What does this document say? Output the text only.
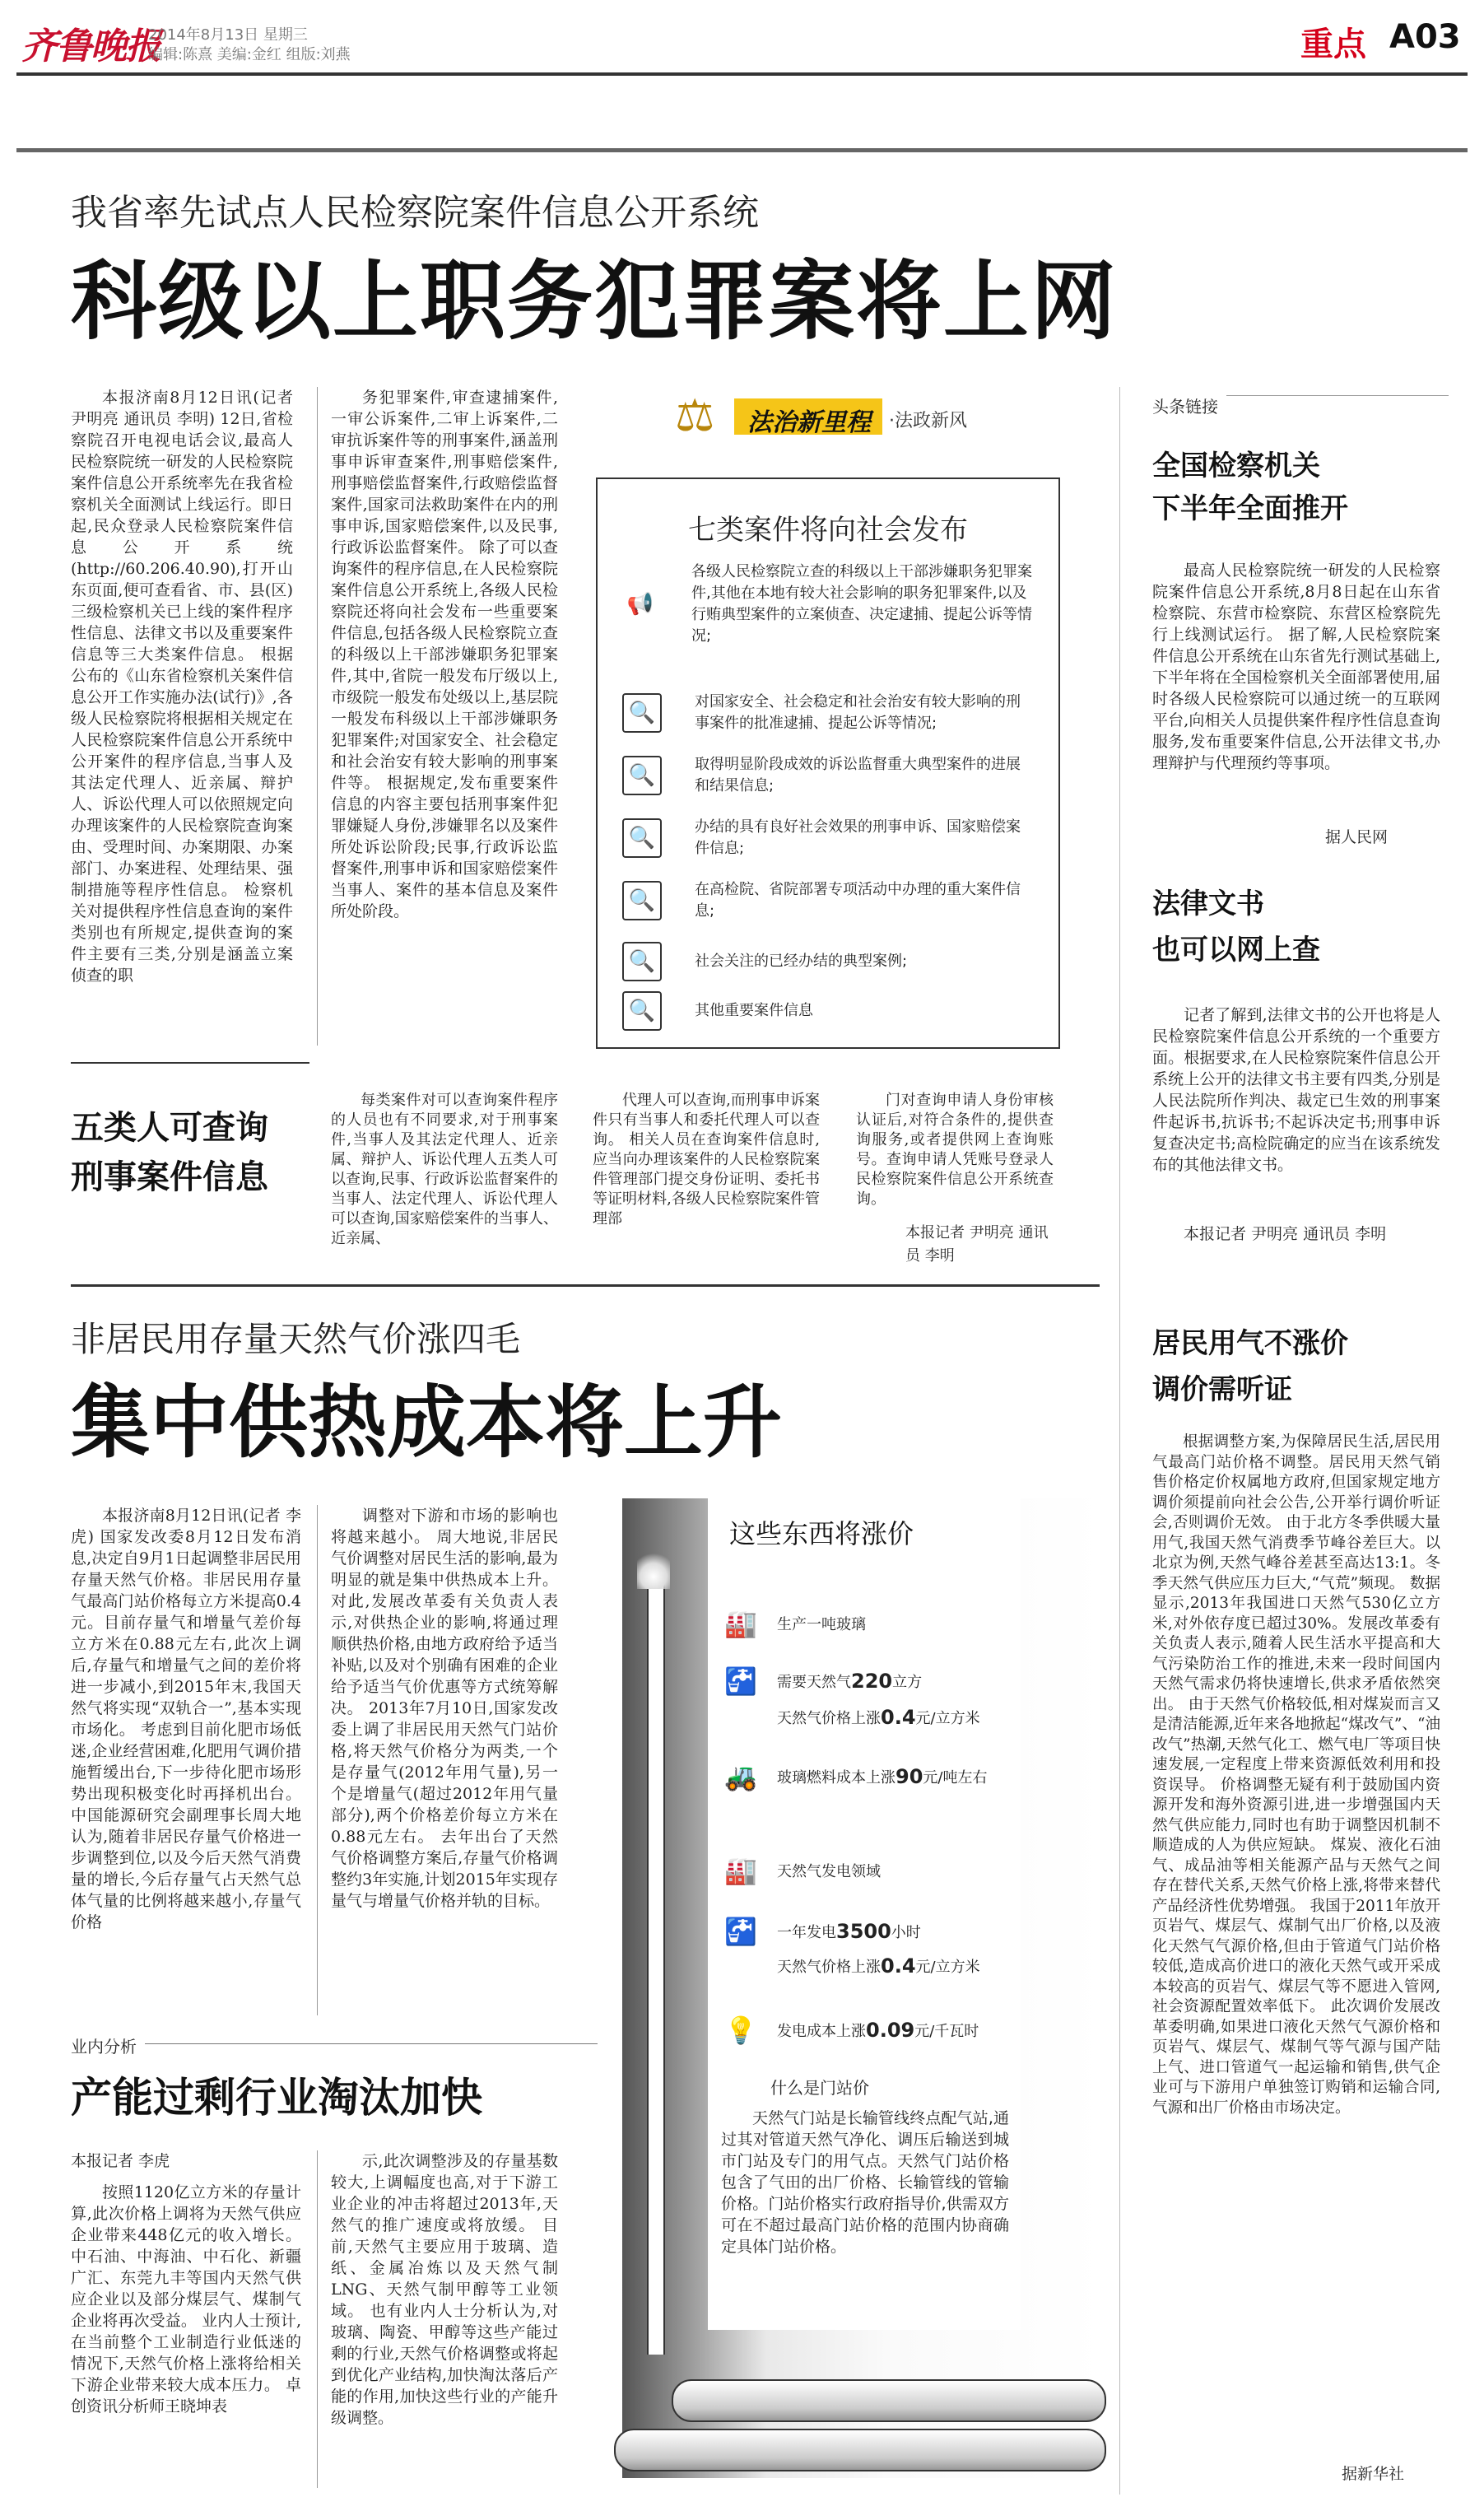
齐鲁晚报
2014年8月13日 星期三
编辑:陈熹 美编:金红 组版:刘燕	重点 A03
我省率先试点人民检察院案件信息公开系统
科级以上职务犯罪案将上网
本报济南8月12日讯(记者 尹明亮 通讯员 李明) 12日,省检察院召开电视电话会议,最高人民检察院统一研发的人民检察院案件信息公开系统率先在我省检察机关全面测试上线运行。即日起,民众登录人民检察院案件信息公开系统(http://60.206.40.90),打开山东页面,便可查看省、市、县(区)三级检察机关已上线的案件程序性信息、法律文书以及重要案件信息等三大类案件信息。 根据公布的《山东省检察机关案件信息公开工作实施办法(试行)》,各级人民检察院将根据相关规定在人民检察院案件信息公开系统中公开案件的程序信息,当事人及其法定代理人、近亲属、辩护人、诉讼代理人可以依照规定向办理该案件的人民检察院查询案由、受理时间、办案期限、办案部门、办案进程、处理结果、强制措施等程序性信息。 检察机关对提供程序性信息查询的案件类别也有所规定,提供查询的案件主要有三类,分别是涵盖立案侦查的职
务犯罪案件,审查逮捕案件,一审公诉案件,二审上诉案件,二审抗诉案件等的刑事案件,涵盖刑事申诉审查案件,刑事赔偿案件,刑事赔偿监督案件,行政赔偿监督案件,国家司法救助案件在内的刑事申诉,国家赔偿案件,以及民事,行政诉讼监督案件。 除了可以查询案件的程序信息,在人民检察院案件信息公开系统上,各级人民检察院还将向社会发布一些重要案件信息,包括各级人民检察院立查的科级以上干部涉嫌职务犯罪案件,其中,省院一般发布厅级以上,市级院一般发布处级以上,基层院一般发布科级以上干部涉嫌职务犯罪案件;对国家安全、社会稳定和社会治安有较大影响的刑事案件等。 根据规定,发布重要案件信息的内容主要包括刑事案件犯罪嫌疑人身份,涉嫌罪名以及案件所处诉讼阶段;民事,行政诉讼监督案件,刑事申诉和国家赔偿案件当事人、案件的基本信息及案件所处阶段。
⚖	法治新里程 ·法政新风
七类案件将向社会发布
📢
各级人民检察院立查的科级以上干部涉嫌职务犯罪案件,其他在本地有较大社会影响的职务犯罪案件,以及行贿典型案件的立案侦查、决定逮捕、提起公诉等情况;
🔍	对国家安全、社会稳定和社会治安有较大影响的刑事案件的批准逮捕、提起公诉等情况;
🔍	取得明显阶段成效的诉讼监督重大典型案件的进展和结果信息;
🔍	办结的具有良好社会效果的刑事申诉、国家赔偿案件信息;
🔍	在高检院、省院部署专项活动中办理的重大案件信息;
🔍	社会关注的已经办结的典型案例;
🔍	其他重要案件信息
五类人可查询
刑事案件信息
每类案件对可以查询案件程序的人员也有不同要求,对于刑事案件,当事人及其法定代理人、近亲属、辩护人、诉讼代理人五类人可以查询,民事、行政诉讼监督案件的当事人、法定代理人、诉讼代理人可以查询,国家赔偿案件的当事人、近亲属、
代理人可以查询,而刑事申诉案件只有当事人和委托代理人可以查询。 相关人员在查询案件信息时,应当向办理该案件的人民检察院案件管理部门提交身份证明、委托书等证明材料,各级人民检察院案件管理部
门对查询申请人身份审核认证后,对符合条件的,提供查询服务,或者提供网上查询账号。查询申请人凭账号登录人民检察院案件信息公开系统查询。
本报记者 尹明亮 通讯员 李明
头条链接
全国检察机关
下半年全面推开
最高人民检察院统一研发的人民检察院案件信息公开系统,8月8日起在山东省检察院、东营市检察院、东营区检察院先行上线测试运行。 据了解,人民检察院案件信息公开系统在山东省先行测试基础上,下半年将在全国检察机关全面部署使用,届时各级人民检察院可以通过统一的互联网平台,向相关人员提供案件程序性信息查询服务,发布重要案件信息,公开法律文书,办理辩护与代理预约等事项。
据人民网
法律文书
也可以网上查
记者了解到,法律文书的公开也将是人民检察院案件信息公开系统的一个重要方面。根据要求,在人民检察院案件信息公开系统上公开的法律文书主要有四类,分别是人民法院所作判决、裁定已生效的刑事案件起诉书,抗诉书;不起诉决定书;刑事申诉复查决定书;高检院确定的应当在该系统发布的其他法律文书。
本报记者 尹明亮 通讯员 李明
居民用气不涨价
调价需听证
根据调整方案,为保障居民生活,居民用气最高门站价格不调整。居民用天然气销售价格定价权属地方政府,但国家规定地方调价须提前向社会公告,公开举行调价听证会,否则调价无效。 由于北方冬季供暖大量用气,我国天然气消费季节峰谷差巨大。以北京为例,天然气峰谷差甚至高达13:1。冬季天然气供应压力巨大,“气荒”频现。 数据显示,2013年我国进口天然气530亿立方米,对外依存度已超过30%。发展改革委有关负责人表示,随着人民生活水平提高和大气污染防治工作的推进,未来一段时间国内天然气需求仍将快速增长,供求矛盾依然突出。 由于天然气价格较低,相对煤炭而言又是清洁能源,近年来各地掀起“煤改气”、“油改气”热潮,天然气化工、燃气电厂等项目快速发展,一定程度上带来资源低效利用和投资误导。 价格调整无疑有利于鼓励国内资源开发和海外资源引进,进一步增强国内天然气供应能力,同时也有助于调整因机制不顺造成的人为供应短缺。 煤炭、液化石油气、成品油等相关能源产品与天然气之间存在替代关系,天然气价格上涨,将带来替代产品经济性优势增强。 我国于2011年放开页岩气、煤层气、煤制气出厂价格,以及液化天然气气源价格,但由于管道气门站价格较低,造成高价进口的液化天然气或开采成本较高的页岩气、煤层气等不愿进入管网,社会资源配置效率低下。 此次调价发展改革委明确,如果进口液化天然气气源价格和页岩气、煤层气、煤制气等气源与国产陆上气、进口管道气一起运输和销售,供气企业可与下游用户单独签订购销和运输合同,气源和出厂价格由市场决定。
据新华社
非居民用存量天然气价涨四毛
集中供热成本将上升
本报济南8月12日讯(记者 李虎) 国家发改委8月12日发布消息,决定自9月1日起调整非居民用存量天然气价格。非居民用存量气最高门站价格每立方米提高0.4元。目前存量气和增量气差价每立方米在0.88元左右,此次上调后,存量气和增量气之间的差价将进一步减小,到2015年末,我国天然气将实现“双轨合一”,基本实现市场化。 考虑到目前化肥市场低迷,企业经营困难,化肥用气调价措施暂缓出台,下一步待化肥市场形势出现积极变化时再择机出台。 中国能源研究会副理事长周大地认为,随着非居民存量气价格进一步调整到位,以及今后天然气消费量的增长,今后存量气占天然气总体气量的比例将越来越小,存量气价格
调整对下游和市场的影响也将越来越小。 周大地说,非居民气价调整对居民生活的影响,最为明显的就是集中供热成本上升。对此,发展改革委有关负责人表示,对供热企业的影响,将通过理顺供热价格,由地方政府给予适当补贴,以及对个别确有困难的企业给予适当气价优惠等方式统筹解决。 2013年7月10日,国家发改委上调了非居民用天然气门站价格,将天然气价格分为两类,一个是存量气(2012年用气量),另一个是增量气(超过2012年用气量部分),两个价格差价每立方米在0.88元左右。 去年出台了天然气价格调整方案后,存量气价格调整约3年实施,计划2015年实现存量气与增量气价格并轨的目标。
这些东西将涨价
🏭	生产一吨玻璃
🚰	需要天然气 220 立方
天然气价格上涨 0.4 元/立方米
🚜	玻璃燃料成本上涨 90 元/吨左右
🏭	天然气发电领域
🚰	一年发电 3500 小时
天然气价格上涨 0.4 元/立方米
💡	发电成本上涨 0.09 元/千瓦时
什么是门站价
天然气门站是长输管线终点配气站,通过其对管道天然气净化、调压后输送到城市门站及专门的用气点。天然气门站价格包含了气田的出厂价格、长输管线的管输价格。门站价格实行政府指导价,供需双方可在不超过最高门站价格的范围内协商确定具体门站价格。
业内分析
产能过剩行业淘汰加快
本报记者 李虎
按照1120亿立方米的存量计算,此次价格上调将为天然气供应企业带来448亿元的收入增长。中石油、中海油、中石化、新疆广汇、东莞九丰等国内天然气供应企业以及部分煤层气、煤制气企业将再次受益。 业内人士预计,在当前整个工业制造行业低迷的情况下,天然气价格上涨将给相关下游企业带来较大成本压力。 卓创资讯分析师王晓坤表
示,此次调整涉及的存量基数较大,上调幅度也高,对于下游工业企业的冲击将超过2013年,天然气的推广速度或将放缓。 目前,天然气主要应用于玻璃、造纸、金属冶炼以及天然气制LNG、天然气制甲醇等工业领域。 也有业内人士分析认为,对玻璃、陶瓷、甲醇等这些产能过剩的行业,天然气价格调整或将起到优化产业结构,加快淘汰落后产能的作用,加快这些行业的产能升级调整。
